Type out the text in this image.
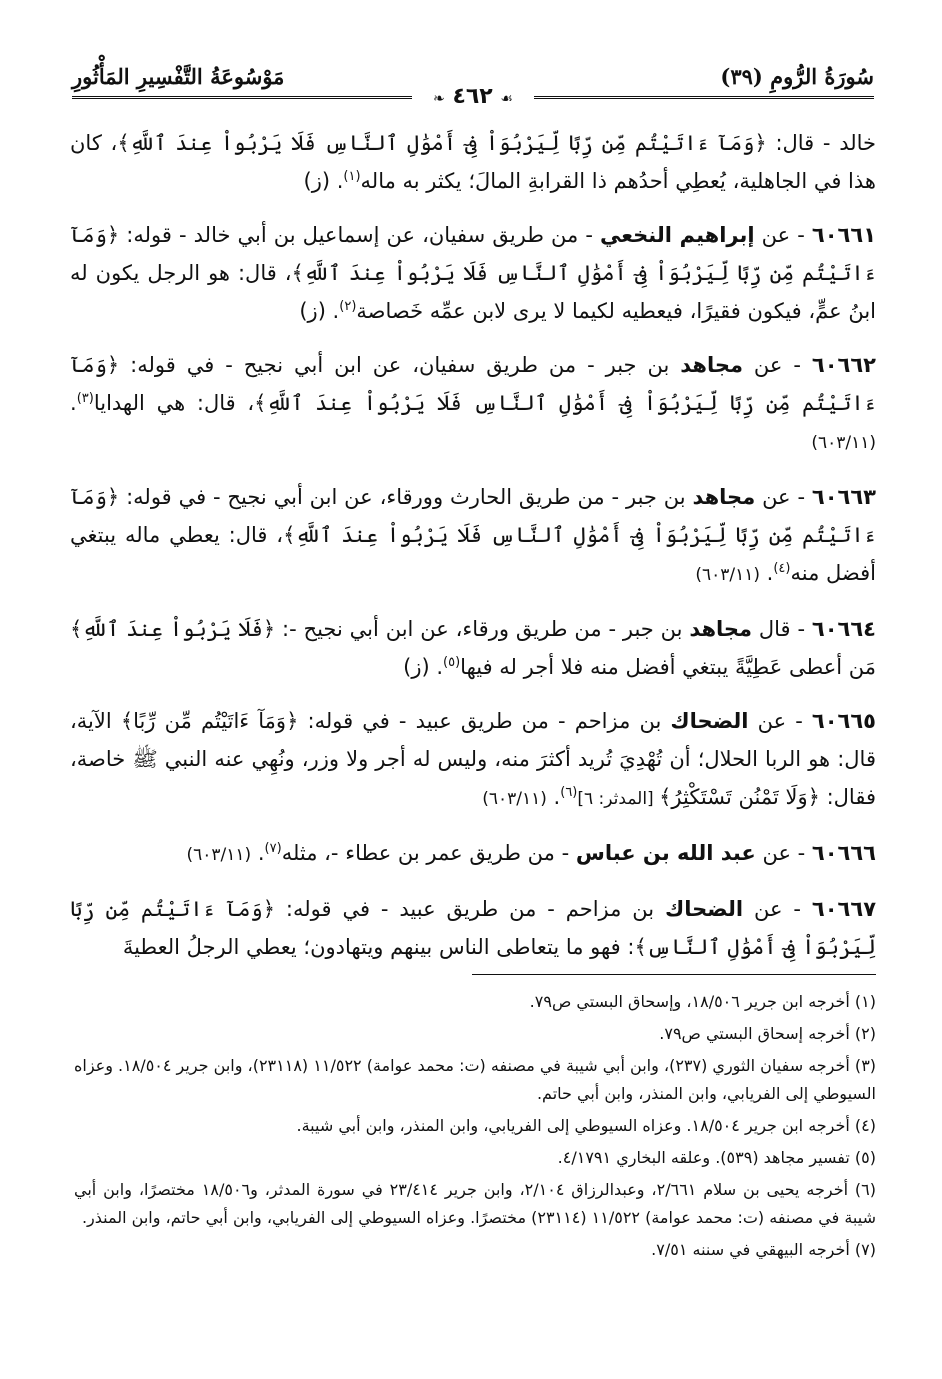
سُورَةُ الرُّومِ (٣٩)
مَوْسُوعَةُ التَّفْسِيرِ المَأْثُورِ
☙ ٤٦٢ ❧

خالد - قال: ﴿وَمَآ ءَاتَيْتُم مِّن رِّبًا لِّيَرْبُوَاْ فِىٓ أَمْوَٰلِ ٱلنَّاسِ فَلَا يَرْبُواْ عِندَ ٱللَّهِ﴾، كان هذا في الجاهلية، يُعطِي أحدُهم ذا القرابةِ المالَ؛ يكثر به ماله$^{(١)}$. (ز)

٦٠٦٦١ - عن إبراهيم النخعي - من طريق سفيان، عن إسماعيل بن أبي خالد - قوله: ﴿وَمَآ ءَاتَيْتُم مِّن رِّبًا لِّيَرْبُوَاْ فِىٓ أَمْوَٰلِ ٱلنَّاسِ فَلَا يَرْبُواْ عِندَ ٱللَّهِ﴾، قال: هو الرجل يكون له ابنُ عمٍّ، فيكون فقيرًا، فيعطيه لكيما لا يرى لابن عمِّه خَصاصة$^{(٢)}$. (ز)

٦٠٦٦٢ - عن مجاهد بن جبر - من طريق سفيان، عن ابن أبي نجيح - في قوله: ﴿وَمَآ ءَاتَيْتُم مِّن رِّبًا لِّيَرْبُوَاْ فِىٓ أَمْوَٰلِ ٱلنَّاسِ فَلَا يَرْبُواْ عِندَ ٱللَّهِ﴾، قال: هي الهدايا$^{(٣)}$. (٦٠٣/١١)

٦٠٦٦٣ - عن مجاهد بن جبر - من طريق الحارث وورقاء، عن ابن أبي نجيح - في قوله: ﴿وَمَآ ءَاتَيْتُم مِّن رِّبًا لِّيَرْبُوَاْ فِىٓ أَمْوَٰلِ ٱلنَّاسِ فَلَا يَرْبُواْ عِندَ ٱللَّهِ﴾، قال: يعطي ماله يبتغي أفضل منه$^{(٤)}$. (٦٠٣/١١)

٦٠٦٦٤ - قال مجاهد بن جبر - من طريق ورقاء، عن ابن أبي نجيح -: ﴿فَلَا يَرْبُواْ عِندَ ٱللَّهِ﴾ مَن أعطى عَطِيَّةً يبتغي أفضل منه فلا أجر له فيها$^{(٥)}$. (ز)

٦٠٦٦٥ - عن الضحاك بن مزاحم - من طريق عبيد - في قوله: ﴿وَمَآ ءَاتَيْتُم مِّن رِّبًا﴾ الآية، قال: هو الربا الحلال؛ أن تُهْدِيَ تُريد أكثرَ منه، وليس له أجر ولا وزر، ونُهِي عنه النبي ﷺ خاصة، فقال: ﴿وَلَا تَمْنُن تَسْتَكْثِرُ﴾ [المدثر: ٦]$^{(٦)}$. (٦٠٣/١١)

٦٠٦٦٦ - عن عبد الله بن عباس - من طريق عمر بن عطاء -، مثله$^{(٧)}$. (٦٠٣/١١)

٦٠٦٦٧ - عن الضحاك بن مزاحم - من طريق عبيد - في قوله: ﴿وَمَآ ءَاتَيْتُم مِّن رِّبًا لِّيَرْبُوَاْ فِىٓ أَمْوَٰلِ ٱلنَّاسِ﴾: فهو ما يتعاطى الناس بينهم ويتهادون؛ يعطي الرجلُ العطيةَ

(١) أخرجه ابن جرير ١٨/٥٠٦، وإسحاق البستي ص٧٩.

(٢) أخرجه إسحاق البستي ص٧٩.

(٣) أخرجه سفيان الثوري (٢٣٧)، وابن أبي شيبة في مصنفه (ت: محمد عوامة) ١١/٥٢٢ (٢٣١١٨)، وابن جرير ١٨/٥٠٤. وعزاه السيوطي إلى الفريابي، وابن المنذر، وابن أبي حاتم.

(٤) أخرجه ابن جرير ١٨/٥٠٤. وعزاه السيوطي إلى الفريابي، وابن المنذر، وابن أبي شيبة.

(٥) تفسير مجاهد (٥٣٩). وعلقه البخاري ٤/١٧٩١.

(٦) أخرجه يحيى بن سلام ٢/٦٦١، وعبدالرزاق ٢/١٠٤، وابن جرير ٢٣/٤١٤ في سورة المدثر، و١٨/٥٠٦ مختصرًا، وابن أبي شيبة في مصنفه (ت: محمد عوامة) ١١/٥٢٢ (٢٣١١٤) مختصرًا. وعزاه السيوطي إلى الفريابي، وابن أبي حاتم، وابن المنذر.

(٧) أخرجه البيهقي في سننه ٧/٥١.
